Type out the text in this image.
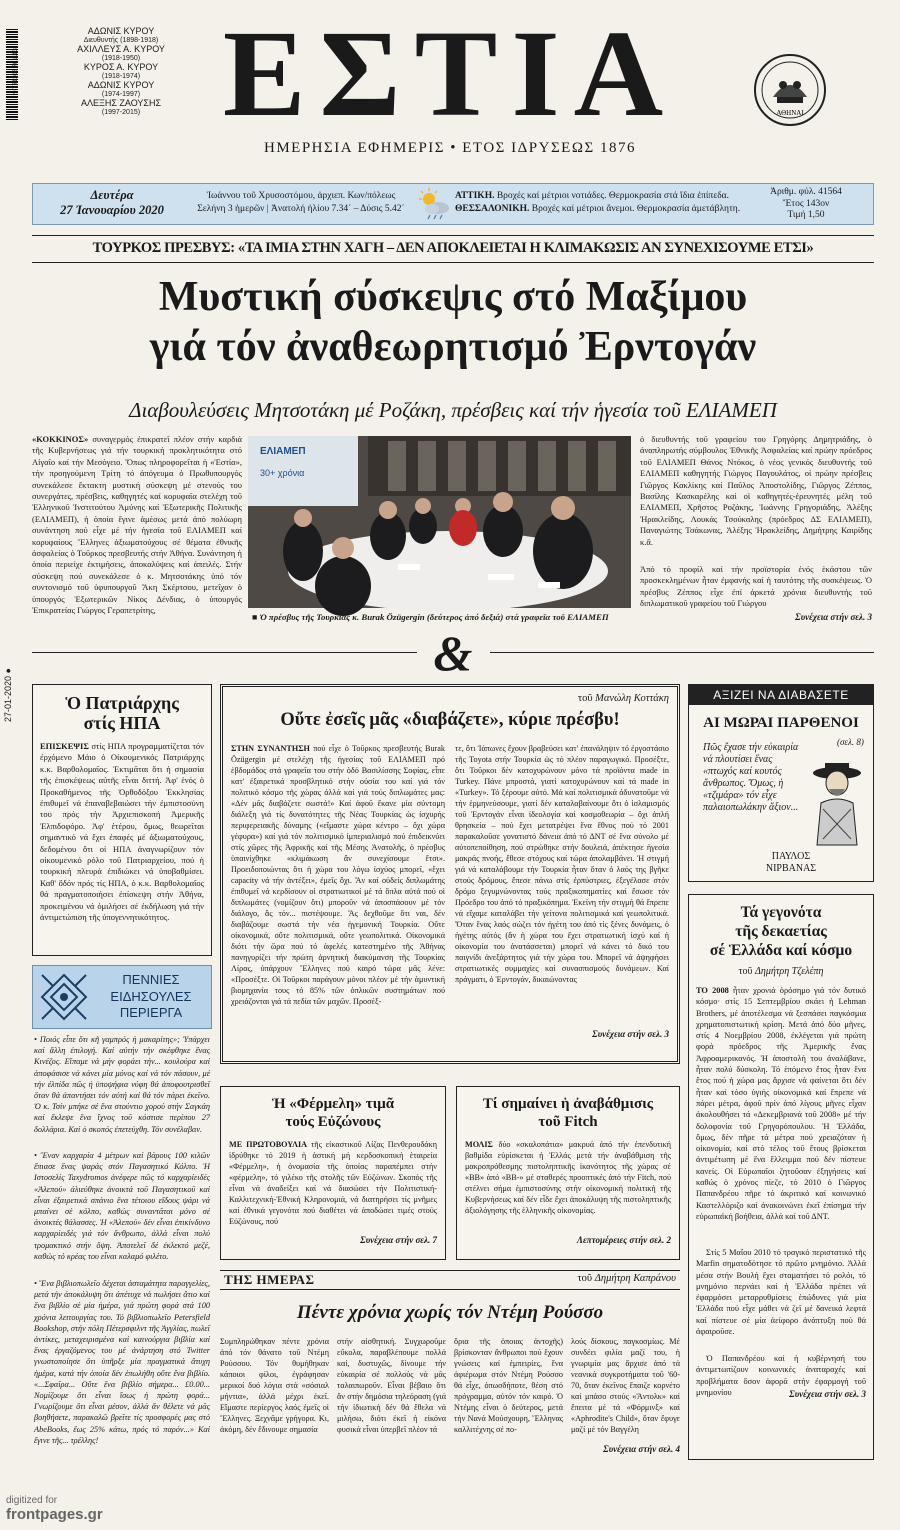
9 771108 701113
ΑΔΩΝΙΣ ΚΥΡΟΥ
Διευθυντής (1898-1918)
ΑΧΙΛΛΕΥΣ Α. ΚΥΡΟΥ
(1918-1950)
ΚΥΡΟΣ Α. ΚΥΡΟΥ
(1918-1974)
ΑΔΩΝΙΣ ΚΥΡΟΥ
(1974-1997)
ΑΛΕΞΗΣ ΖΑΟΥΣΗΣ
(1997-2015) ΕΣΤΙΑ
ΗΜΕΡΗΣΙΑ ΕΦΗΜΕΡΙΣ • ΕΤΟΣ ΙΔΡΥΣΕΩΣ 1876
ΑΘΗΝΑΙ
Δευτέρα
27 Ἰανουαρίου 2020
Ἰωάννου τοῦ Χρυσοστόμου, ἀρχιεπ. Κων/πόλεως
Σελήνη 3 ἡμερῶν | Ἀνατολή ἡλίου 7.34΄ – Δύσις 5.42΄
ΑΤΤΙΚΗ. Βροχές καί μέτριοι νοτιάδες. Θερμοκρασία στά ἴδια ἐπίπεδα.
ΘΕΣΣΑΛΟΝΙΚΗ. Βροχές καί μέτριοι ἄνεμοι. Θερμοκρασία ἀμετάβλητη.
Ἀριθμ. φύλ. 41564
Ἔτος 143ον
Τιμή 1,50
ΤΟΥΡΚΟΣ ΠΡΕΣΒΥΣ: «ΤΑ ΙΜΙΑ ΣΤΗΝ ΧΑΓΗ – ΔΕΝ ΑΠΟΚΛΕΙΕΤΑΙ Η ΚΛΙΜΑΚΩΣΙΣ ΑΝ ΣΥΝΕΧΙΣΟΥΜΕ ΕΤΣΙ»
Μυστική σύσκεψις στό Μαξίμου
γιά τόν ἀναθεωρητισμό Ἐρντογάν
Διαβουλεύσεις Μητσοτάκη μέ Ροζάκη, πρέσβεις καί τήν ἡγεσία τοῦ ΕΛΙΑΜΕΠ
«ΚΟΚΚΙΝΟΣ» συναγερμός ἐπικρατεῖ πλέον στήν καρδιά τῆς Κυβερνήσεως γιά τήν τουρκική προκλητικότητα στό Αἰγαῖο καί τήν Μεσόγειο. Ὅπως πληροφορεῖται ἡ «Ἑστία», τήν προηγούμενη Τρίτη τό ἀπόγευμα ὁ Πρωθυπουργός συνεκάλεσε ἔκτακτη μυστική σύσκεψη μέ στενούς του συνεργάτες, πρέσβεις, καθηγητές καί κορυφαῖα στελέχη τοῦ Ἑλληνικοῦ Ἰνστιτούτου Ἀμύνης καί Ἐξωτερικῆς Πολιτικῆς (ΕΛΙΑΜΕΠ), ἡ ὁποία ἔγινε ἀμέσως μετά ἀπό πολύωρη συνάντηση πού εἶχε μέ τήν ἡγεσία τοῦ ΕΛΙΑΜΕΠ καί κορυφαίους Ἕλληνες ἀξιωματούχους σέ θέματα ἐθνικῆς ἀσφαλείας ὁ Τοῦρκος πρεσβευτής στήν Ἀθήνα. Συνάντηση ἡ ὁποία περιείχε ἐκτιμήσεις, ἀποκαλύψεις καί ἀπειλές. Στήν σύσκεψη πού συνεκάλεσε ὁ κ. Μητσοτάκης ὑπό τόν συντονισμό τοῦ ὑφυπουργοῦ Ἄκη Σκέρτσου, μετεῖχαν ὁ ὑπουργός Ἐξωτερικῶν Νίκος Δένδιας, ὁ ὑπουργός Ἐπικρατείας Γιώργος Γεραπετρίτης,
ΕΛΙΑΜΕΠ
30+ χρόνια
■ Ὁ πρέσβυς τῆς Τουρκίας κ. Burak Özügergin (δεύτερος ἀπό δεξιά) στά γραφεῖα τοῦ ΕΛΙΑΜΕΠ
ὁ διευθυντής τοῦ γραφείου του Γρηγόρης Δημητριάδης, ὁ ἀναπληρωτής σύμβουλος Ἐθνικῆς Ἀσφαλείας καί πρώην πρόεδρος τοῦ ΕΛΙΑΜΕΠ Θάνος Ντόκος, ὁ νέος γενικός διευθυντής τοῦ ΕΛΙΑΜΕΠ καθηγητής Γιώργος Παγουλάτος, οἱ πρώην πρέσβεις Γιῶργος Κακλίκης καί Παῦλος Ἀποστολίδης, Γιῶργος Ζέππος, Βασίλης Κασκαρέλης καί οἱ καθηγητές-ἐρευνητές μέλη τοῦ ΕΛΙΑΜΕΠ, Χρῆστος Ροζάκης, Ἰωάννης Γρηγοριάδης, Ἀλέξης Ἡρακλείδης, Λουκάς Τσούκαλης (πρόεδρος ΔΣ ΕΛΙΑΜΕΠ), Παναγιώτης Τσάκωνας, Ἀλέξης Ἡρακλείδης, Δημήτρης Καιρίδης κ.ἄ.
Ἀπό τό προφίλ καί τήν προϊστορία ἑνός ἑκάστου τῶν προσκεκλημένων ἦταν ἐμφανής καί ἡ ταυτότης τῆς συσκέψεως. Ὁ πρέσβυς Ζέππος εἶχε ἐπί ἀρκετά χρόνια διευθυντής τοῦ διπλωματικοῦ γραφείου τοῦ Γιώργου
Συνέχεια στήν σελ. 3
&
27-01-2020 ●
Ὁ Πατριάρχης στίς ΗΠΑ
ΕΠΙΣΚΕΨΙΣ στίς ΗΠΑ προγραμματίζεται τόν ἐρχόμενο Μάιο ὁ Οἰκουμενικός Πατριάρχης κ.κ. Βαρθολομαῖος. Ἐκτιμᾶται ὅτι ἡ σημασία τῆς ἐπισκέψεως αὐτῆς εἶναι διττή. Ἀφ' ἑνός ὁ Προκαθήμενος τῆς Ὀρθοδόξου Ἐκκλησίας ἐπιθυμεῖ νά ἐπαναβεβαιώσει τήν ἐμπιστοσύνη του πρός τήν Ἀρχιεπισκοπή Ἀμερικῆς Ἐλπιδοφόρο. Ἀφ' ἑτέρου, ὅμως, θεωρεῖται σημαντικό νά ἔχει ἐπαφές μέ ἀξιωματούχους, δεδομένου ὅτι οἱ ΗΠΑ ἀναγνωρίζουν τόν οἰκουμενικό ρόλο τοῦ Πατριαρχείου, πού ἡ τουρκική πλευρά ἐπιδιώκει νά ὑποβαθμίσει. Καθ' ὅδόν πρός τίς ΗΠΑ, ὁ κ.κ. Βαρθολομαῖος θά πραγματοποιήσει ἐπίσκεψη στήν Ἀθήνα, προκειμένου νά ὁμιλήσει σέ ἐκδήλωση γιά τήν ἀντιμετώπιση τῆς ὑπογεννητικότητος.
ΠΕΝΝΙΕΣ
ΕΙΔΗΣΟΥΛΕΣ
ΠΕΡΙΕΡΓΑ
• Ποιός εἶπε ὅτι κῆ γαμπρός ἡ μακαρίτης»; Ὑπάρχει καί ἄλλη ἐπιλογή. Καί αὐτήν τήν σκέφθηκε ἕνας Κινέζος. Εἴπαμε νά μήν φοράει τήν... κουλούρα καί ἀποφάσισε νά κάνει μία μόνος καί νά τόν πάσουν, μέ τήν ἐλπίδα πῶς ἡ ὑποψήφια νύφη θά ἀποφουτρισθεῖ ὅταν θά ἀπαντήσει τόν αὐτή καί θά τόν πάρει ἐκεῖνο. Ὁ κ. Τσίν μπήκε σέ ἕνα στούντιο χορού στήν Σαγκάη καί ἔκλεψε ἕνα ἴχνος τοῦ κόστισε περίπου 27 δολλάρια. Καί ὁ σκοπός ἐπετεύχθη. Τόν συνέλαβαν.
• Ἕναν καρχαρία 4 μέτρων καί βάρους 100 κιλῶν ἔπιασε ἕνας ψαράς στόν Παγασητικό Κόλπο. Ἡ Ιστοσελίς Taxydromos ἀνέφερε πῶς τό καρχαρίειδές «Ἀλεπού» ἀλιεύθηκε ἀνοικτά τοῦ Παγασητικοῦ καί εἶναι ἐξαιρετικά σπάνιο ἕνα τέτοιου εἴδους ψάρι νά μπαίνει σέ κόλπο, καθώς συναντᾶται μόνο σέ ἀνοικτές θάλασσες. Ἡ «Ἀλεπού» δέν εἶναι ἐπικίνδυνο καρχαρίειδές γιά τόν ἄνθρωπο, ἀλλά εἶναι πολύ τρομακτικό στήν ὄψη. Ἀποτελεῖ δέ ἐκλεκτό μεζέ, καθώς τό κρέας του εἶναι καλαμό φιλέτο.
• Ἕνα βιβλιοπωλεῖο δέχεται ἀσταμάτητα παραγγελίες, μετά τήν ἀποκάλυψη ὅτι ἀπέτυχε νά πωλήσει ἄτιο καί ἕνα βιβλίο σέ μία ἡμέρα, γιά πρώτη φορά στά 100 χρόνια λειτουργίας του. Τό βιβλιοπωλεῖο Petersfield Bookshop, στήν πόλη Πέτερσφιλντ τῆς Ἀγγλίας, πωλεῖ ἀντίκες, μεταχειρισμένα καί καινούργια βιβλία καί ἕνας ἐργαζόμενος του μέ ἀνάρτηση στό Twitter γνωστοποίησε ὅτι ὑπῆρξε μία πραγματικά ἄτυχη ἡμέρα, κατά τήν ὁποία δέν ἐπωλήθη οὔτε ἕνα βιβλίο. «...Σφαῖρα... Οὔτε ἕνα βιβλίο σήμερα... £0.00... Νομίζουμε ὅτι εἶναι ἴσως ἡ πρώτη φορά... Γνωρίζουμε ὅτι εἶναι μέσον, ἀλλά ἄν θέλετε νά μᾶς βοηθήσετε, παρακαλῶ βρεῖτε τίς προσφορές μας στό AbeBooks, ἕως 25% κάτω, πρός τό παρόν...» Καί ἔγινε τῆς... τρέλλης!
τοῦ Μανώλη Κοττάκη
Οὔτε ἐσεῖς μᾶς «διαβάζετε», κύριε πρέσβυ!
ΣΤΗΝ ΣΥΝΑΝΤΗΣΗ πού εἶχε ὁ Τοῦρκος πρεσβευτής Burak Özügergin μέ στελέχη τῆς ἡγεσίας τοῦ ΕΛΙΑΜΕΠ πρό ἑβδομάδος στά γραφεῖα του στήν ὁδό Βασιλίσσης Σοφίας, εἶπε κατ' ἐξαιρετικά προσβλητικό στήν οὐσία του καί γιά τόν πολιτικό κόσμο τῆς χώρας ἀλλά καί γιά τούς διπλωμάτες μας: «Δέν μᾶς διαβάζετε σωστά!» Καί ἀφοῦ ἔκανε μία σύντομη διάλεξη γιά τίς δυνατότητες τῆς Νέας Τουρκίας ὡς ἰσχυρής περιφερειακῆς δύναμης («εἴμαστε χώρα κέντρο – ὄχι χώρα γέφυρα») καί γιά τόν πολιτισμικό ἰμπεριαλισμό πού ἐπιδεικνύει στίς χῶρες τῆς Ἀφρικῆς καί τῆς Μέσης Ἀνατολῆς, ὁ πρέσβυς ὑπαινίχθηκε «κλιμάκωση ἄν συνεχίσουμε ἔτσι». Προειδοποιώντας ὅτι ἡ χώρα του λόγω ἰσχύος μπορεῖ, «ἔχει capacity νά τήν ἀντέξει», ἐμεῖς ὄχι. Ἄν καί οὐδείς διπλωμάτης ἐπιθυμεῖ νά κερδίσουν οἱ στρατιωτικοί μέ τά ὅπλα αὐτά πού οἱ διπλωμάτες (νομίζουν ὅτι) μποροῦν νά ἀποσπάσουν μέ τόν διάλογο, ἄς τόν... πιστέψουμε. Ἄς δεχθοῦμε ὅτι ναι, δέν διαβάζουμε σωστά τήν νέα ἡγεμονική Τουρκία. Οὔτε οἰκονομικά, οὔτε πολιτισμικά, οὔτε γεωπολιτικά. Οἰκονομικά διότι τήν ὥρα πού τό ἀφελές κατεστημένο τῆς Ἀθήνας πανηγυρίζει τήν πρώτη ἀρνητική διακύμανση τῆς Τουρκίας Λίρας, ὑπάρχουν Ἕλληνες πού καιρό τώρα μᾶς λένε: «Προσέξτε. Οἱ Τοῦρκοι παράγουν μόνοι πλέον μέ τήν ἀμυντική βιομηχανία τους τό 85% τῶν ὁπλικῶν συστημάτων πού χρειάζονται γιά τά πεδία τῶν μαχῶν. Προσέξ-
τε, ὅτι Ἰάπωνες ἔχουν βραβεύσει κατ' ἐπανάληψιν τό ἐργοστάσιο τῆς Toyota στήν Τουρκία ὡς τό πλέον παραγωγικό. Προσέξτε, ὅτι Τοῦρκοι δέν κατοχυρώνουν μόνο τά προϊόντα made in Turkey. Πάνε μπροστά, γιατί κατοχυρώνουν καί τά made in «Turkey». Τό ξέρουμε αὐτό. Μά καί πολιτισμικά ἀδυνατοῦμε νά τήν ἑρμηνεύσουμε, γιατί δέν καταλαβαίνουμε ὅτι ὁ ἰσλαμισμός τοῦ Ἐρντογάν εἶναι ἰδεολογία καί κοσμοθεωρία – ὄχι ἁπλή θρησκεία – πού ἔχει μετατρέψει ἕνα ἔθνος πού τό 2001 παρακαλοῦσε γονατιστό δάνεια ἀπό τό ΔΝΤ σέ ἕνα σύνολο μέ αὐτοπεποίθηση, πού στρώθηκε στήν δουλειά, ἀπέκτησε ἡγεσία μακράς πνοής, ἔθεσε στόχους καί τώρα ἀπολαμβάνει. Ἡ στιγμή γιά νά καταλάβουμε τήν Τουρκία ἦταν ὅταν ὁ λαός της βγῆκε στούς δρόμους, ἔπεσε πάνω στίς ἐρπύστριες, ἐξεγέλασε στόν δρόμο ξεγυμνώνοντας τούς πραξικοπηματίες καί ἔσωσε τόν Πρόεδρο του ἀπό τό πραξικόπημα. Ἐκείνη τήν στιγμή θά ἔπρεπε νά εἴχαμε καταλάβει τήν γείτονα πολιτισμικά καί γεωπολιτικά. Ὅταν ἕνας λαός σώζει τόν ἡγέτη του ἀπό τίς ξένες δυνάμεις, ὁ ἡγέτης αὐτός (ἄν ἡ χώρα του ἔχει στρατιωτική ἰσχύ καί ἡ οἰκονομία του ἀνατάσσεται) μπορεῖ νά κάνει τό δικό του παιγνίδι ἀνεξάρτητος γιά τήν χώρα του. Μπορεῖ νά ἀψηφήσει στρατιωτικές συμμαχίες καί συνασπισμούς δυνάμεων. Καί πράγματι, ὁ Ἐρντογάν, δικαιώνοντας
Συνέχεια στήν σελ. 3
ΑΞΙΖΕΙ ΝΑ ΔΙΑΒΑΣΕΤΕ
ΑΙ ΜΩΡΑΙ ΠΑΡΘΕΝΟΙ
(σελ. 8)
Πῶς ἔχασε τήν εὐκαιρία νά πλουτίσει ἕνας «πτωχός καί κουτός ἄνθρωπος. Ὅμως, ἡ «τζιμάρα» τόν εἶχε παλαιοπωλάκην ἄξιον...
ΠΑΥΛΟΣ
ΝΙΡΒΑΝΑΣ
Τά γεγονότα
τῆς δεκαετίας
σέ Ἑλλάδα καί κόσμο
τοῦ Δημήτρη Τζελέπη
ΤΟ 2008 ἦταν χρονιά ὁρόσημο γιά τόν δυτικό κόσμο· στίς 15 Σεπτεμβρίου σκάει ἡ Lehman Brothers, μέ ἀποτέλεσμα νά ξεσπάσει παγκόσμια χρηματοπιστωτική κρίση. Μετά ἀπό δύο μῆνες, στίς 4 Νοεμβρίου 2008, ἐκλέγεται γιά πρώτη φορά πρόεδρος τῆς Ἀμερικῆς ἕνας Ἀφροαμερικανός. Ἡ ἀποστολή του ἀναλάβανε, ἦταν πολύ δύσκολη. Τό ἑπόμενο ἔτος ἦταν ἕνα ἔτος πού ἡ χώρα μας ἄρχισε νά φαίνεται ὅτι δέν ἦταν καί τόσο ὑγιής οἰκονομικά καί ἔπρεπε νά πάρει μέτρα, ἀφοῦ πρίν ἀπό λίγους μῆνες εἶχαν ἀκολουθήσει τά «Δεκεμβριανά τοῦ 2008» μέ τήν δολοφονία τοῦ Γρηγορόπουλου. Ἡ Ἑλλάδα, ὅμως, δέν πῆρε τά μέτρα πού χρειαζόταν ἡ οἰκονομία, καί στό τέλος τοῦ ἔτους βρίσκεται ἀντιμέτωπη μέ ἕνα ἔλλειμμα πού δέν πίστευε κανείς. Οἱ Εὐρωπαῖοι ζητοῦσαν ἐξηγήσεις καί καθώς ὁ χρόνος πίεζε, τό 2010 ὁ Γιῶργος Παπανδρέου πῆρε τό ἀκριτικό καί κοινωνικό Καστελλόριζο καί ἀνακοινώνει ἐκεῖ ἐπίσημα τήν εὐρωπαϊκή βοήθεια, ἀλλά καί τοῦ ΔΝΤ.
Στίς 5 Μαΐου 2010 τό τραγικό περιστατικό τῆς Marfin σηματοδότησε τό πρῶτο μνημόνιο. Ἀλλά μέσα στήν Βουλή ἔχει σταματήσει τό ρολόι, τό μνημόνιο περνάει καί ἡ Ἑλλάδα πρέπει νά ἐφαρμόσει μεταρρυθμίσεις ἐπώδυνες γιά μία Ἑλλάδα πού εἶχε μάθει νά ζεῖ μέ δανεικά λεφτά καί πίστευε σέ μία ἀείφορο ἀνάπτυξη πού θά ἀφαιροῦσε.
Ὁ Παπανδρέου καί ἡ κυβέρνησή του ἀντιμετωπίζουν κοινωνικές ἀναταραχές καί προβλήματα ὅσον ἀφορᾶ στήν ἐφαρμογή τοῦ μνημονίου	Συνέχεια στήν σελ. 3
Ἡ «Φέρμελη» τιμᾶ
τούς Εὐζώνους
ΜΕ ΠΡΩΤΟΒΟΥΛΙΑ τῆς εἰκαστικοῦ Λίζας Πενθερουδάκη ἱδρύθηκε τό 2019 ἡ ἀστική μή κερδοσκοπική ἑταιρεία «Φέρμελη», ἡ ὀνομασία τῆς ὁποίας παραπέμπει στήν «φέρμελη», τό γιλέκο τῆς στολῆς τῶν Εὐζώνων. Σκοπός τῆς εἶναι νά ἀναδείξει καί νά διασώσει τήν Πολιτιστική-Καλλιτεχνική-Ἐθνική Κληρονομιά, νά διατηρήσει τίς μνῆμες καί ἐθνικά γεγονότα πού διαθέτει νά ἀποδώσει τιμές στούς Εὐζώνους, πού
Συνέχεια στήν σελ. 7
Τί σημαίνει ἡ ἀναβάθμισις
τοῦ Fitch
ΜΟΛΙΣ δύο «σκαλοπάτια» μακρυά ἀπό τήν ἐπενδυτική βαθμίδα εὑρίσκεται ἡ Ἑλλάς μετά τήν ἀναβάθμιση τῆς μακροπρόθεσμης πιστοληπτικῆς ἱκανότητος τῆς χώρας σέ «BB» ἀπό «BB-» μέ σταθερές προοπτικές ἀπό τήν Fitch, πού στέλνει σήμα ἐμπιστοσύνης στήν οἰκονομική πολιτική τῆς Κυβερνήσεως καί δέν εἶδε ἔχει ἀποκάλυψη τῆς πιστοληπτικῆς ἀξιολόγησης τῆς ἑλληνικῆς οἰκονομίας.
Λεπτομέρειες στήν σελ. 2
ΤΗΣ ΗΜΕΡΑΣ	τοῦ Δημήτρη Καπράνου
Πέντε χρόνια χωρίς τόν Ντέμη Ρούσσο
Συμπληρώθηκαν πέντε χρόνια ἀπό τόν θάνατο τοῦ Ντέμη Ρούσσου. Τόν θυμήθηκαν κάποιοι φίλοι, ἐγράφησαν μερικοί δυό λόγια στά «σόσιαλ μήντια», ἀλλά μέχρι ἐκεῖ. Εἴμαστε περίεργος λαός ἐμεῖς οἱ Ἕλληνες. Ξεχνᾶμε γρήγορα. Κι, ἀκόμη, δέν ἔδινουμε σημασία
στήν αἰσθητική. Συγχωροῦμε εὔκολα, παραβλέπουμε πολλά καί, δυστυχῶς, δίνουμε τήν εὐκαιρία σέ πολλούς νά μᾶς ταλαιπωροῦν. Εἶναι βέβαιο ὅτι ἄν στήν δημόσια τηλεόραση (γιά τήν ἰδιωτική δέν θά ἔθελα νά μιλήσω, διότι ἐκεῖ ἡ εἰκόνα φυσικά εἶναι ὑπερβεῖ πλέον τά
ὅρια τῆς ὁποιας ἀντοχῆς) βρίσκονταν ἄνθρωποι πού ἔχουν γνώσεις καί ἐμπειρίες, ἕνα ἀφιέρωμα στόν Ντέμη Ρούσσο θά εἶχε, ὁπωσδήποτε, θέση στό πρόγραμμα, αὐτόν τόν καιρό. Ὁ Ντέμης εἶναι ὁ δεύτερος, μετά τήν Νανά Μούσχουρη, Ἕλληνας καλλιτέχνης σέ πο-
λούς δίσκους, παγκοσμίως. Μέ συνδέει φιλία μαζί του, ἡ γνωριμία μας ἄρχισε ἀπό τά νεανικά συγκροτήματα τοῦ '60-70, ὅταν ἐκεῖνος ἔπαιζε κορνέτο καί μπάσο στούς «Ἄντολκ» καί ἔπειτα μέ τά «Φόρμινξ» καί «Aphrodite's Child», ὅταν ἔφυγε μαζί μέ τόν Βαγγέλη
Συνέχεια στήν σελ. 4
digitized for
frontpages.gr
